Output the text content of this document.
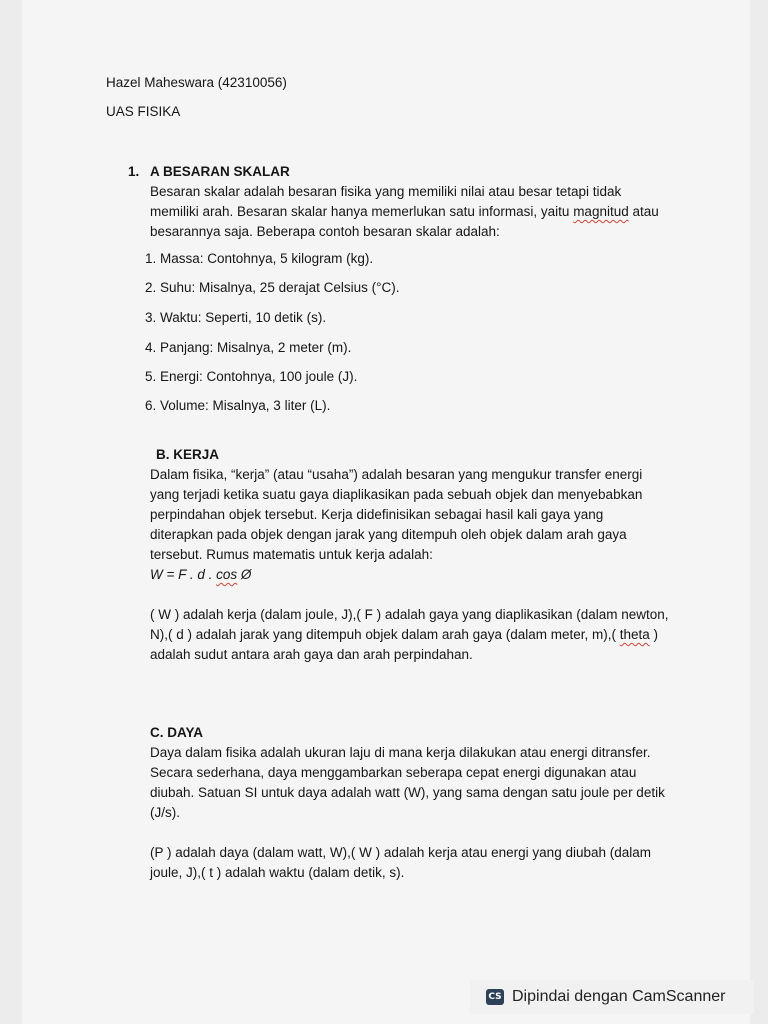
Hazel Maheswara (42310056)
UAS FISIKA
1. A BESARAN SKALAR

Besaran skalar adalah besaran fisika yang memiliki nilai atau besar tetapi tidak memiliki arah. Besaran skalar hanya memerlukan satu informasi, yaitu magnitud atau besarannya saja. Beberapa contoh besaran skalar adalah:

1. Massa: Contohnya, 5 kilogram (kg).
2. Suhu: Misalnya, 25 derajat Celsius (°C).
3. Waktu: Seperti, 10 detik (s).
4. Panjang: Misalnya, 2 meter (m).
5. Energi: Contohnya, 100 joule (J).
6. Volume: Misalnya, 3 liter (L).

B. KERJA

Dalam fisika, “kerja” (atau “usaha”) adalah besaran yang mengukur transfer energi yang terjadi ketika suatu gaya diaplikasikan pada sebuah objek dan menyebabkan perpindahan objek tersebut. Kerja didefinisikan sebagai hasil kali gaya yang diterapkan pada objek dengan jarak yang ditempuh oleh objek dalam arah gaya tersebut. Rumus matematis untuk kerja adalah:

W = F . d . cos Ø

( W ) adalah kerja (dalam joule, J),( F ) adalah gaya yang diaplikasikan (dalam newton, N),( d ) adalah jarak yang ditempuh objek dalam arah gaya (dalam meter, m),( theta ) adalah sudut antara arah gaya dan arah perpindahan.

C. DAYA

Daya dalam fisika adalah ukuran laju di mana kerja dilakukan atau energi ditransfer. Secara sederhana, daya menggambarkan seberapa cepat energi digunakan atau diubah. Satuan SI untuk daya adalah watt (W), yang sama dengan satu joule per detik (J/s).

(P ) adalah daya (dalam watt, W),( W ) adalah kerja atau energi yang diubah (dalam joule, J),( t ) adalah waktu (dalam detik, s).

CS Dipindai dengan CamScanner
